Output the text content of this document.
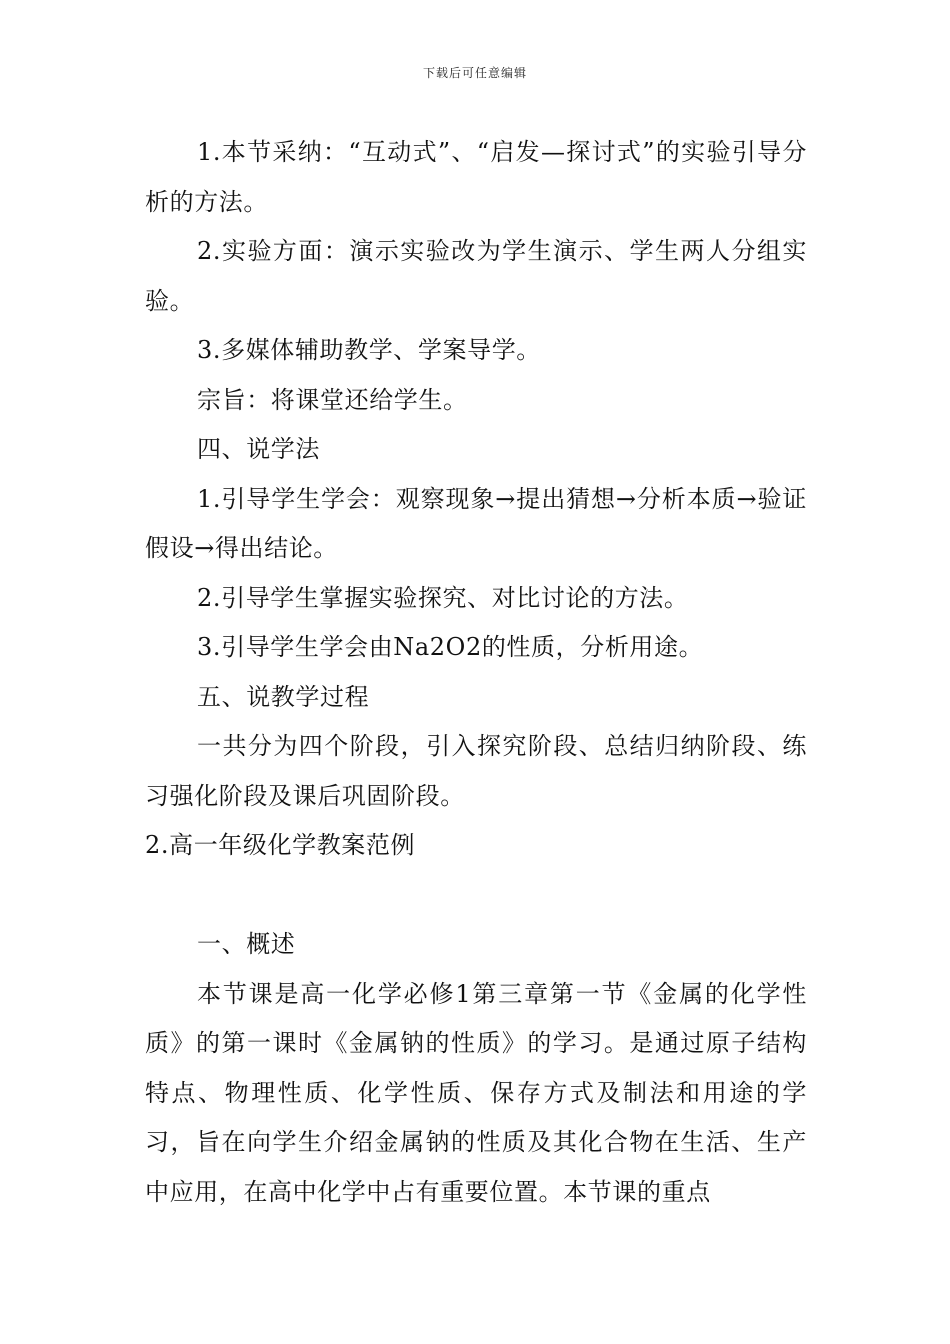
下载后可任意编辑

1.本节采纳：“互动式”、“启发—探讨式”的实验引导分析的方法。

2.实验方面：演示实验改为学生演示、学生两人分组实验。

3.多媒体辅助教学、学案导学。

宗旨：将课堂还给学生。

四、说学法

1.引导学生学会：观察现象→提出猜想→分析本质→验证假设→得出结论。

2.引导学生掌握实验探究、对比讨论的方法。

3.引导学生学会由Na2O2的性质，分析用途。

五、说教学过程

一共分为四个阶段，引入探究阶段、总结归纳阶段、练习强化阶段及课后巩固阶段。

2.高一年级化学教案范例

一、概述

本节课是高一化学必修1第三章第一节《金属的化学性质》的第一课时《金属钠的性质》的学习。是通过原子结构特点、物理性质、化学性质、保存方式及制法和用途的学习，旨在向学生介绍金属钠的性质及其化合物在生活、生产中应用，在高中化学中占有重要位置。本节课的重点
